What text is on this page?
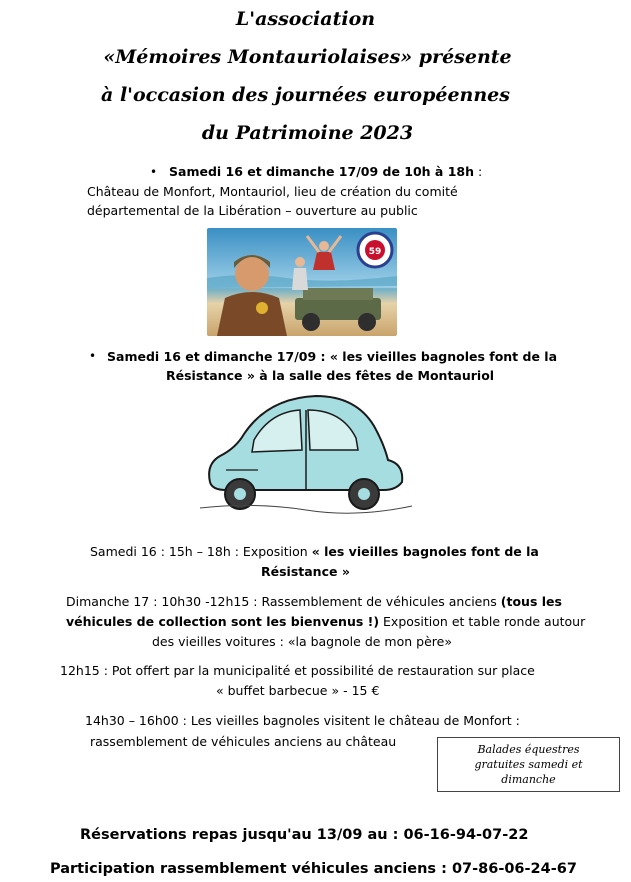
L'association
«Mémoires Montauriolaises» présente
à l'occasion des journées européennes
du Patrimoine 2023
• Samedi 16 et dimanche 17/09 de 10h à 18h :
Château de Monfort, Montauriol, lieu de création du comité
départemental de la Libération – ouverture au public
59
• Samedi 16 et dimanche 17/09 : « les vieilles bagnoles font de la
Résistance » à la salle des fêtes de Montauriol
Samedi 16 : 15h – 18h : Exposition « les vieilles bagnoles font de la
Résistance »
Dimanche 17 : 10h30 -12h15 : Rassemblement de véhicules anciens (tous les
véhicules de collection sont les bienvenus !) Exposition et table ronde autour
des vieilles voitures : «la bagnole de mon père»
12h15 : Pot offert par la municipalité et possibilité de restauration sur place
« buffet barbecue » - 15 €
14h30 – 16h00 : Les vieilles bagnoles visitent le château de Monfort :
rassemblement de véhicules anciens au château
Balades équestres
gratuites samedi et
dimanche
Réservations repas jusqu'au 13/09 au : 06-16-94-07-22
Participation rassemblement véhicules anciens : 07-86-06-24-67
